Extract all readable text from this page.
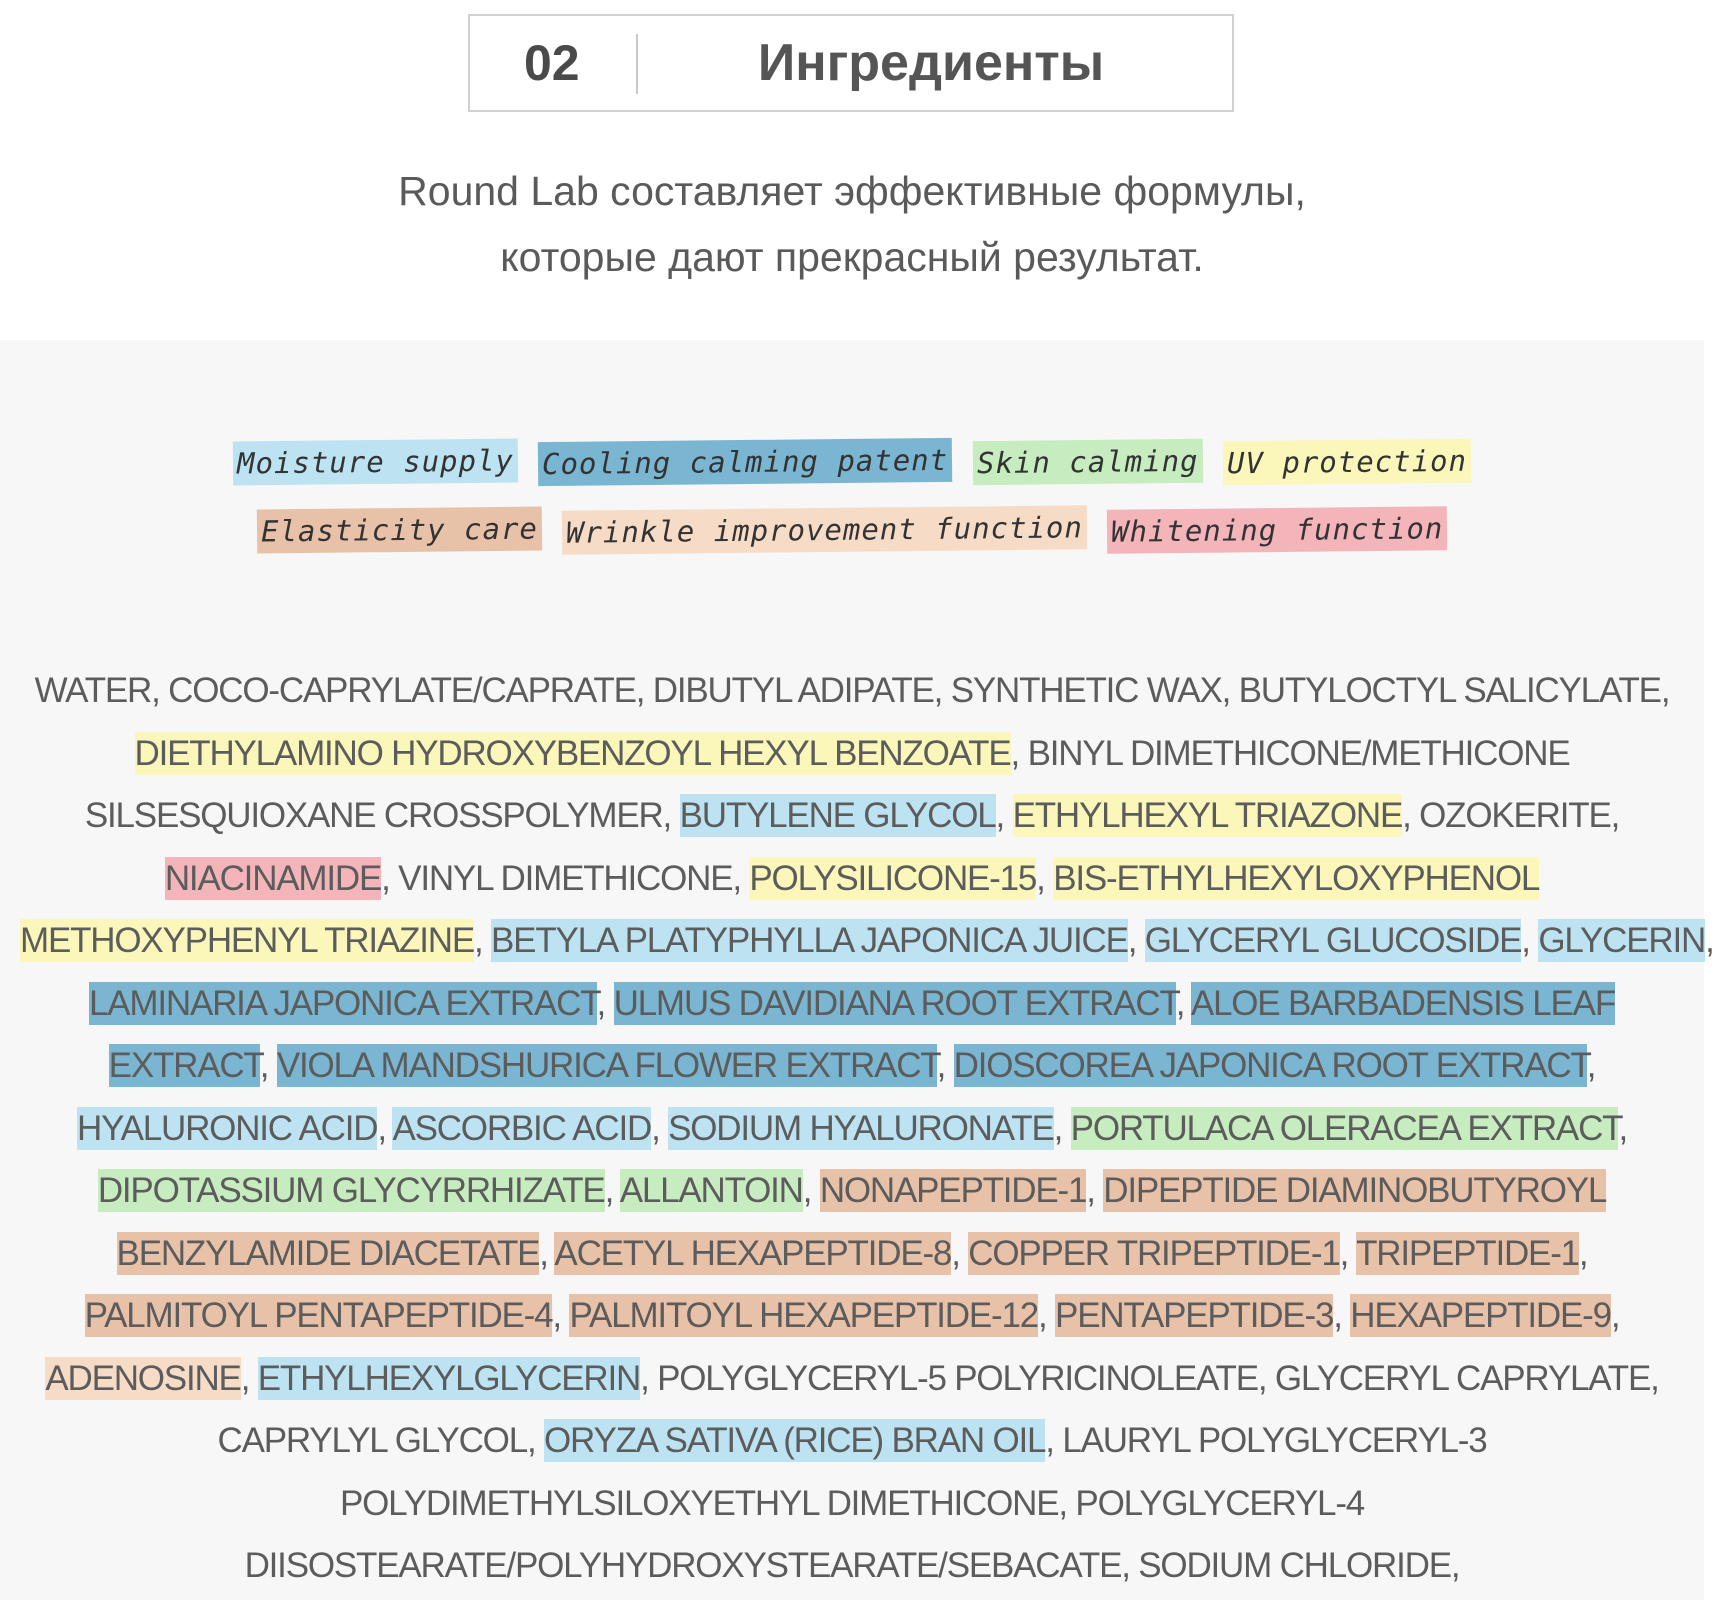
02	Ингредиенты
Round Lab составляет эффективные формулы,
которые дают прекрасный результат.
Moisture supply Cooling calming patent Skin calming UV protection
Elasticity care Wrinkle improvement function Whitening function
WATER, COCO-CAPRYLATE/CAPRATE, DIBUTYL ADIPATE, SYNTHETIC WAX, BUTYLOCTYL SALICYLATE,
DIETHYLAMINO HYDROXYBENZOYL HEXYL BENZOATE, BINYL DIMETHICONE/METHICONE
SILSESQUIOXANE CROSSPOLYMER, BUTYLENE GLYCOL, ETHYLHEXYL TRIAZONE, OZOKERITE,
NIACINAMIDE, VINYL DIMETHICONE, POLYSILICONE-15, BIS-ETHYLHEXYLOXYPHENOL
METHOXYPHENYL TRIAZINE, BETYLA PLATYPHYLLA JAPONICA JUICE, GLYCERYL GLUCOSIDE, GLYCERIN,
LAMINARIA JAPONICA EXTRACT, ULMUS DAVIDIANA ROOT EXTRACT, ALOE BARBADENSIS LEAF
EXTRACT, VIOLA MANDSHURICA FLOWER EXTRACT, DIOSCOREA JAPONICA ROOT EXTRACT,
HYALURONIC ACID, ASCORBIC ACID, SODIUM HYALURONATE, PORTULACA OLERACEA EXTRACT,
DIPOTASSIUM GLYCYRRHIZATE, ALLANTOIN, NONAPEPTIDE-1, DIPEPTIDE DIAMINOBUTYROYL
BENZYLAMIDE DIACETATE, ACETYL HEXAPEPTIDE-8, COPPER TRIPEPTIDE-1, TRIPEPTIDE-1,
PALMITOYL PENTAPEPTIDE-4, PALMITOYL HEXAPEPTIDE-12, PENTAPEPTIDE-3, HEXAPEPTIDE-9,
ADENOSINE, ETHYLHEXYLGLYCERIN, POLYGLYCERYL-5 POLYRICINOLEATE, GLYCERYL CAPRYLATE,
CAPRYLYL GLYCOL, ORYZA SATIVA (RICE) BRAN OIL, LAURYL POLYGLYCERYL-3
POLYDIMETHYLSILOXYETHYL DIMETHICONE, POLYGLYCERYL-4
DIISOSTEARATE/POLYHYDROXYSTEARATE/SEBACATE, SODIUM CHLORIDE,
